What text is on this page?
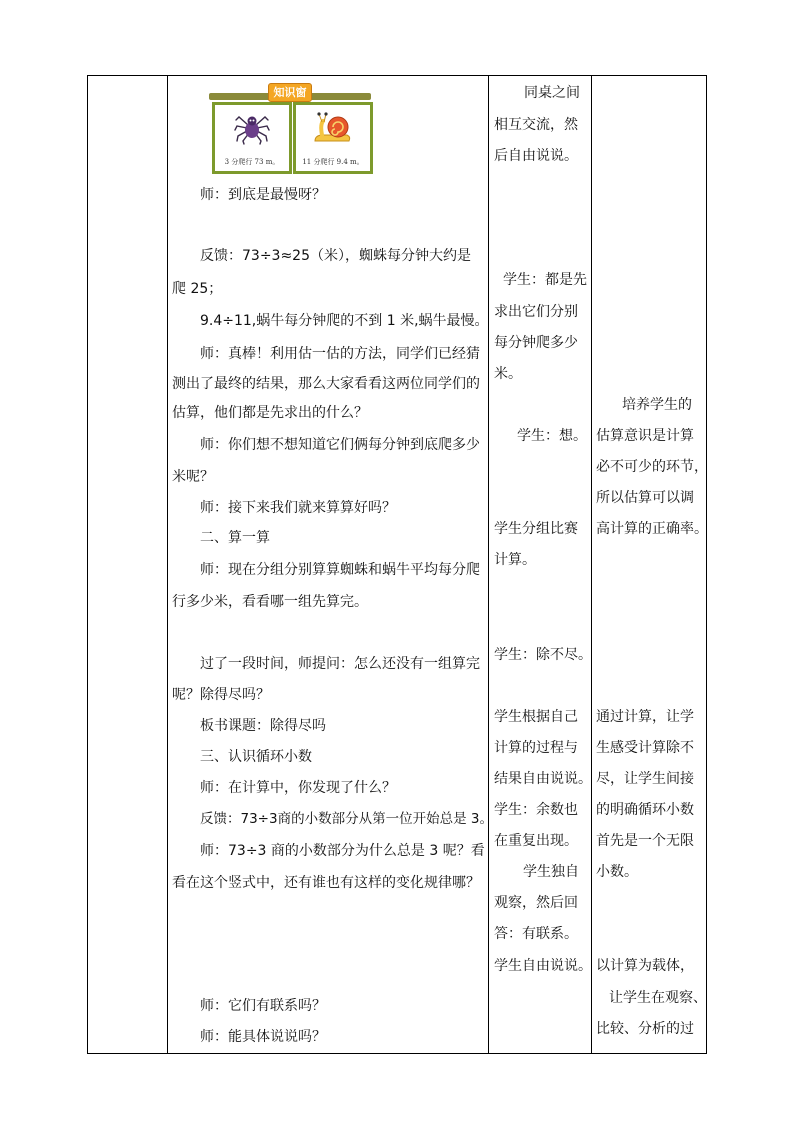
知识窗
3 分爬行 73 m。	11 分爬行 9.4 m。
师：到底是最慢呀？
反馈：73÷3≈25（米），蜘蛛每分钟大约是
爬 25；
9.4÷11,蜗牛每分钟爬的不到 1 米,蜗牛最慢。
师：真棒！利用估一估的方法，同学们已经猜
测出了最终的结果，那么大家看看这两位同学们的
估算，他们都是先求出的什么？
师：你们想不想知道它们俩每分钟到底爬多少
米呢？
师：接下来我们就来算算好吗？
二、算一算
师：现在分组分别算算蜘蛛和蜗牛平均每分爬
行多少米，看看哪一组先算完。
过了一段时间，师提问：怎么还没有一组算完
呢？除得尽吗？
板书课题：除得尽吗
三、认识循环小数
师：在计算中，你发现了什么？
反馈：73÷3商的小数部分从第一位开始总是 3。
师：73÷3 商的小数部分为什么总是 3 呢？看
看在这个竖式中，还有谁也有这样的变化规律哪？
师：它们有联系吗？
师：能具体说说吗？
同桌之间
相互交流，然
后自由说说。
学生：都是先
求出它们分别
每分钟爬多少
米。
学生：想。
学生分组比赛
计算。
学生：除不尽。
学生根据自己
计算的过程与
结果自由说说。
学生：余数也
在重复出现。
学生独自
观察，然后回
答：有联系。
学生自由说说。
培养学生的
估算意识是计算
必不可少的环节，
所以估算可以调
高计算的正确率。
通过计算，让学
生感受计算除不
尽，让学生间接
的明确循环小数
首先是一个无限
小数。
以计算为载体，
让学生在观察、
比较、分析的过
